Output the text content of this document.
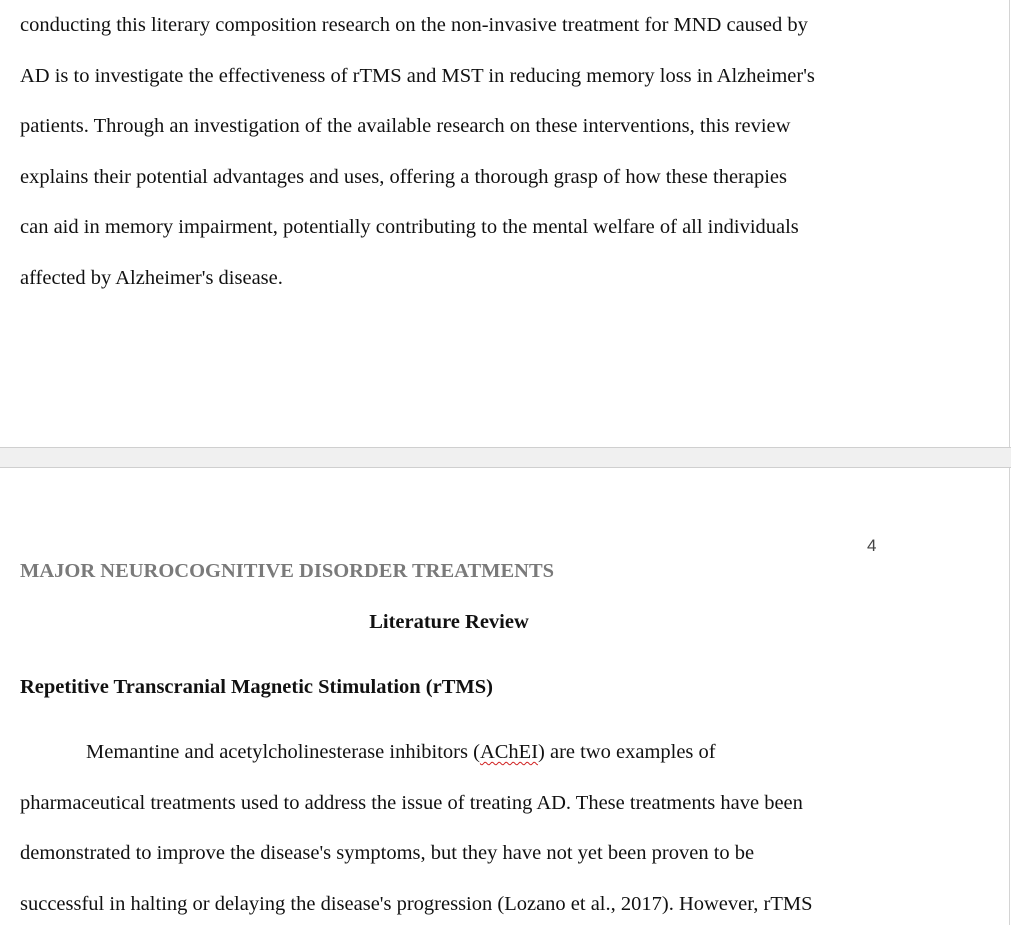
conducting this literary composition research on the non-invasive treatment for MND caused by
AD is to investigate the effectiveness of rTMS and MST in reducing memory loss in Alzheimer's
patients. Through an investigation of the available research on these interventions, this review
explains their potential advantages and uses, offering a thorough grasp of how these therapies
can aid in memory impairment, potentially contributing to the mental welfare of all individuals
affected by Alzheimer's disease.
4
MAJOR NEUROCOGNITIVE DISORDER TREATMENTS
Literature Review
Repetitive Transcranial Magnetic Stimulation (rTMS)
Memantine and acetylcholinesterase inhibitors (AChEI) are two examples of
pharmaceutical treatments used to address the issue of treating AD. These treatments have been
demonstrated to improve the disease's symptoms, but they have not yet been proven to be
successful in halting or delaying the disease's progression (Lozano et al., 2017). However, rTMS
